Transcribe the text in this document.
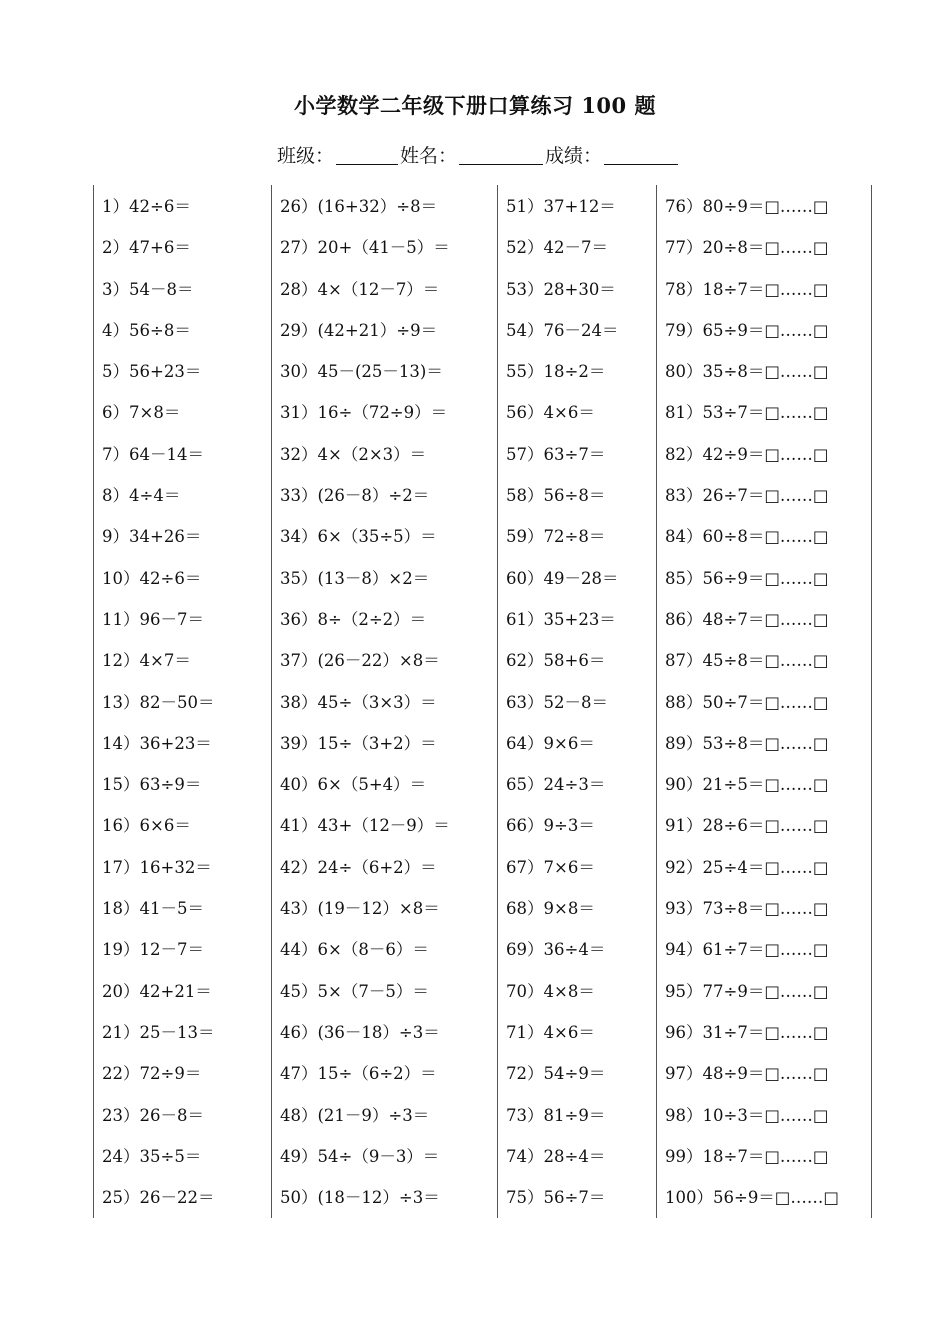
小学数学二年级下册口算练习 100 题
班级：	姓名：	成绩：
1）42÷6＝
2）47+6＝
3）54－8＝
4）56÷8＝
5）56+23＝
6）7×8＝
7）64－14＝
8）4÷4＝
9）34+26＝
10）42÷6＝
11）96－7＝
12）4×7＝
13）82－50＝
14）36+23＝
15）63÷9＝
16）6×6＝
17）16+32＝
18）41－5＝
19）12－7＝
20）42+21＝
21）25－13＝
22）72÷9＝
23）26－8＝
24）35÷5＝
25）26－22＝
26）(16+32）÷8＝
27）20+（41－5）＝
28）4×（12－7）＝
29）(42+21）÷9＝
30）45－(25－13)＝
31）16÷（72÷9）＝
32）4×（2×3）＝
33）(26－8）÷2＝
34）6×（35÷5）＝
35）(13－8）×2＝
36）8÷（2÷2）＝
37）(26－22）×8＝
38）45÷（3×3）＝
39）15÷（3+2）＝
40）6×（5+4）＝
41）43+（12－9）＝
42）24÷（6+2）＝
43）(19－12）×8＝
44）6×（8－6）＝
45）5×（7－5）＝
46）(36－18）÷3＝
47）15÷（6÷2）＝
48）(21－9）÷3＝
49）54÷（9－3）＝
50）(18－12）÷3＝
51）37+12＝
52）42－7＝
53）28+30＝
54）76－24＝
55）18÷2＝
56）4×6＝
57）63÷7＝
58）56÷8＝
59）72÷8＝
60）49－28＝
61）35+23＝
62）58+6＝
63）52－8＝
64）9×6＝
65）24÷3＝
66）9÷3＝
67）7×6＝
68）9×8＝
69）36÷4＝
70）4×8＝
71）4×6＝
72）54÷9＝
73）81÷9＝
74）28÷4＝
75）56÷7＝
76）80÷9＝□……□
77）20÷8＝□……□
78）18÷7＝□……□
79）65÷9＝□……□
80）35÷8＝□……□
81）53÷7＝□……□
82）42÷9＝□……□
83）26÷7＝□……□
84）60÷8＝□……□
85）56÷9＝□……□
86）48÷7＝□……□
87）45÷8＝□……□
88）50÷7＝□……□
89）53÷8＝□……□
90）21÷5＝□……□
91）28÷6＝□……□
92）25÷4＝□……□
93）73÷8＝□……□
94）61÷7＝□……□
95）77÷9＝□……□
96）31÷7＝□……□
97）48÷9＝□……□
98）10÷3＝□……□
99）18÷7＝□……□
100）56÷9＝□……□
